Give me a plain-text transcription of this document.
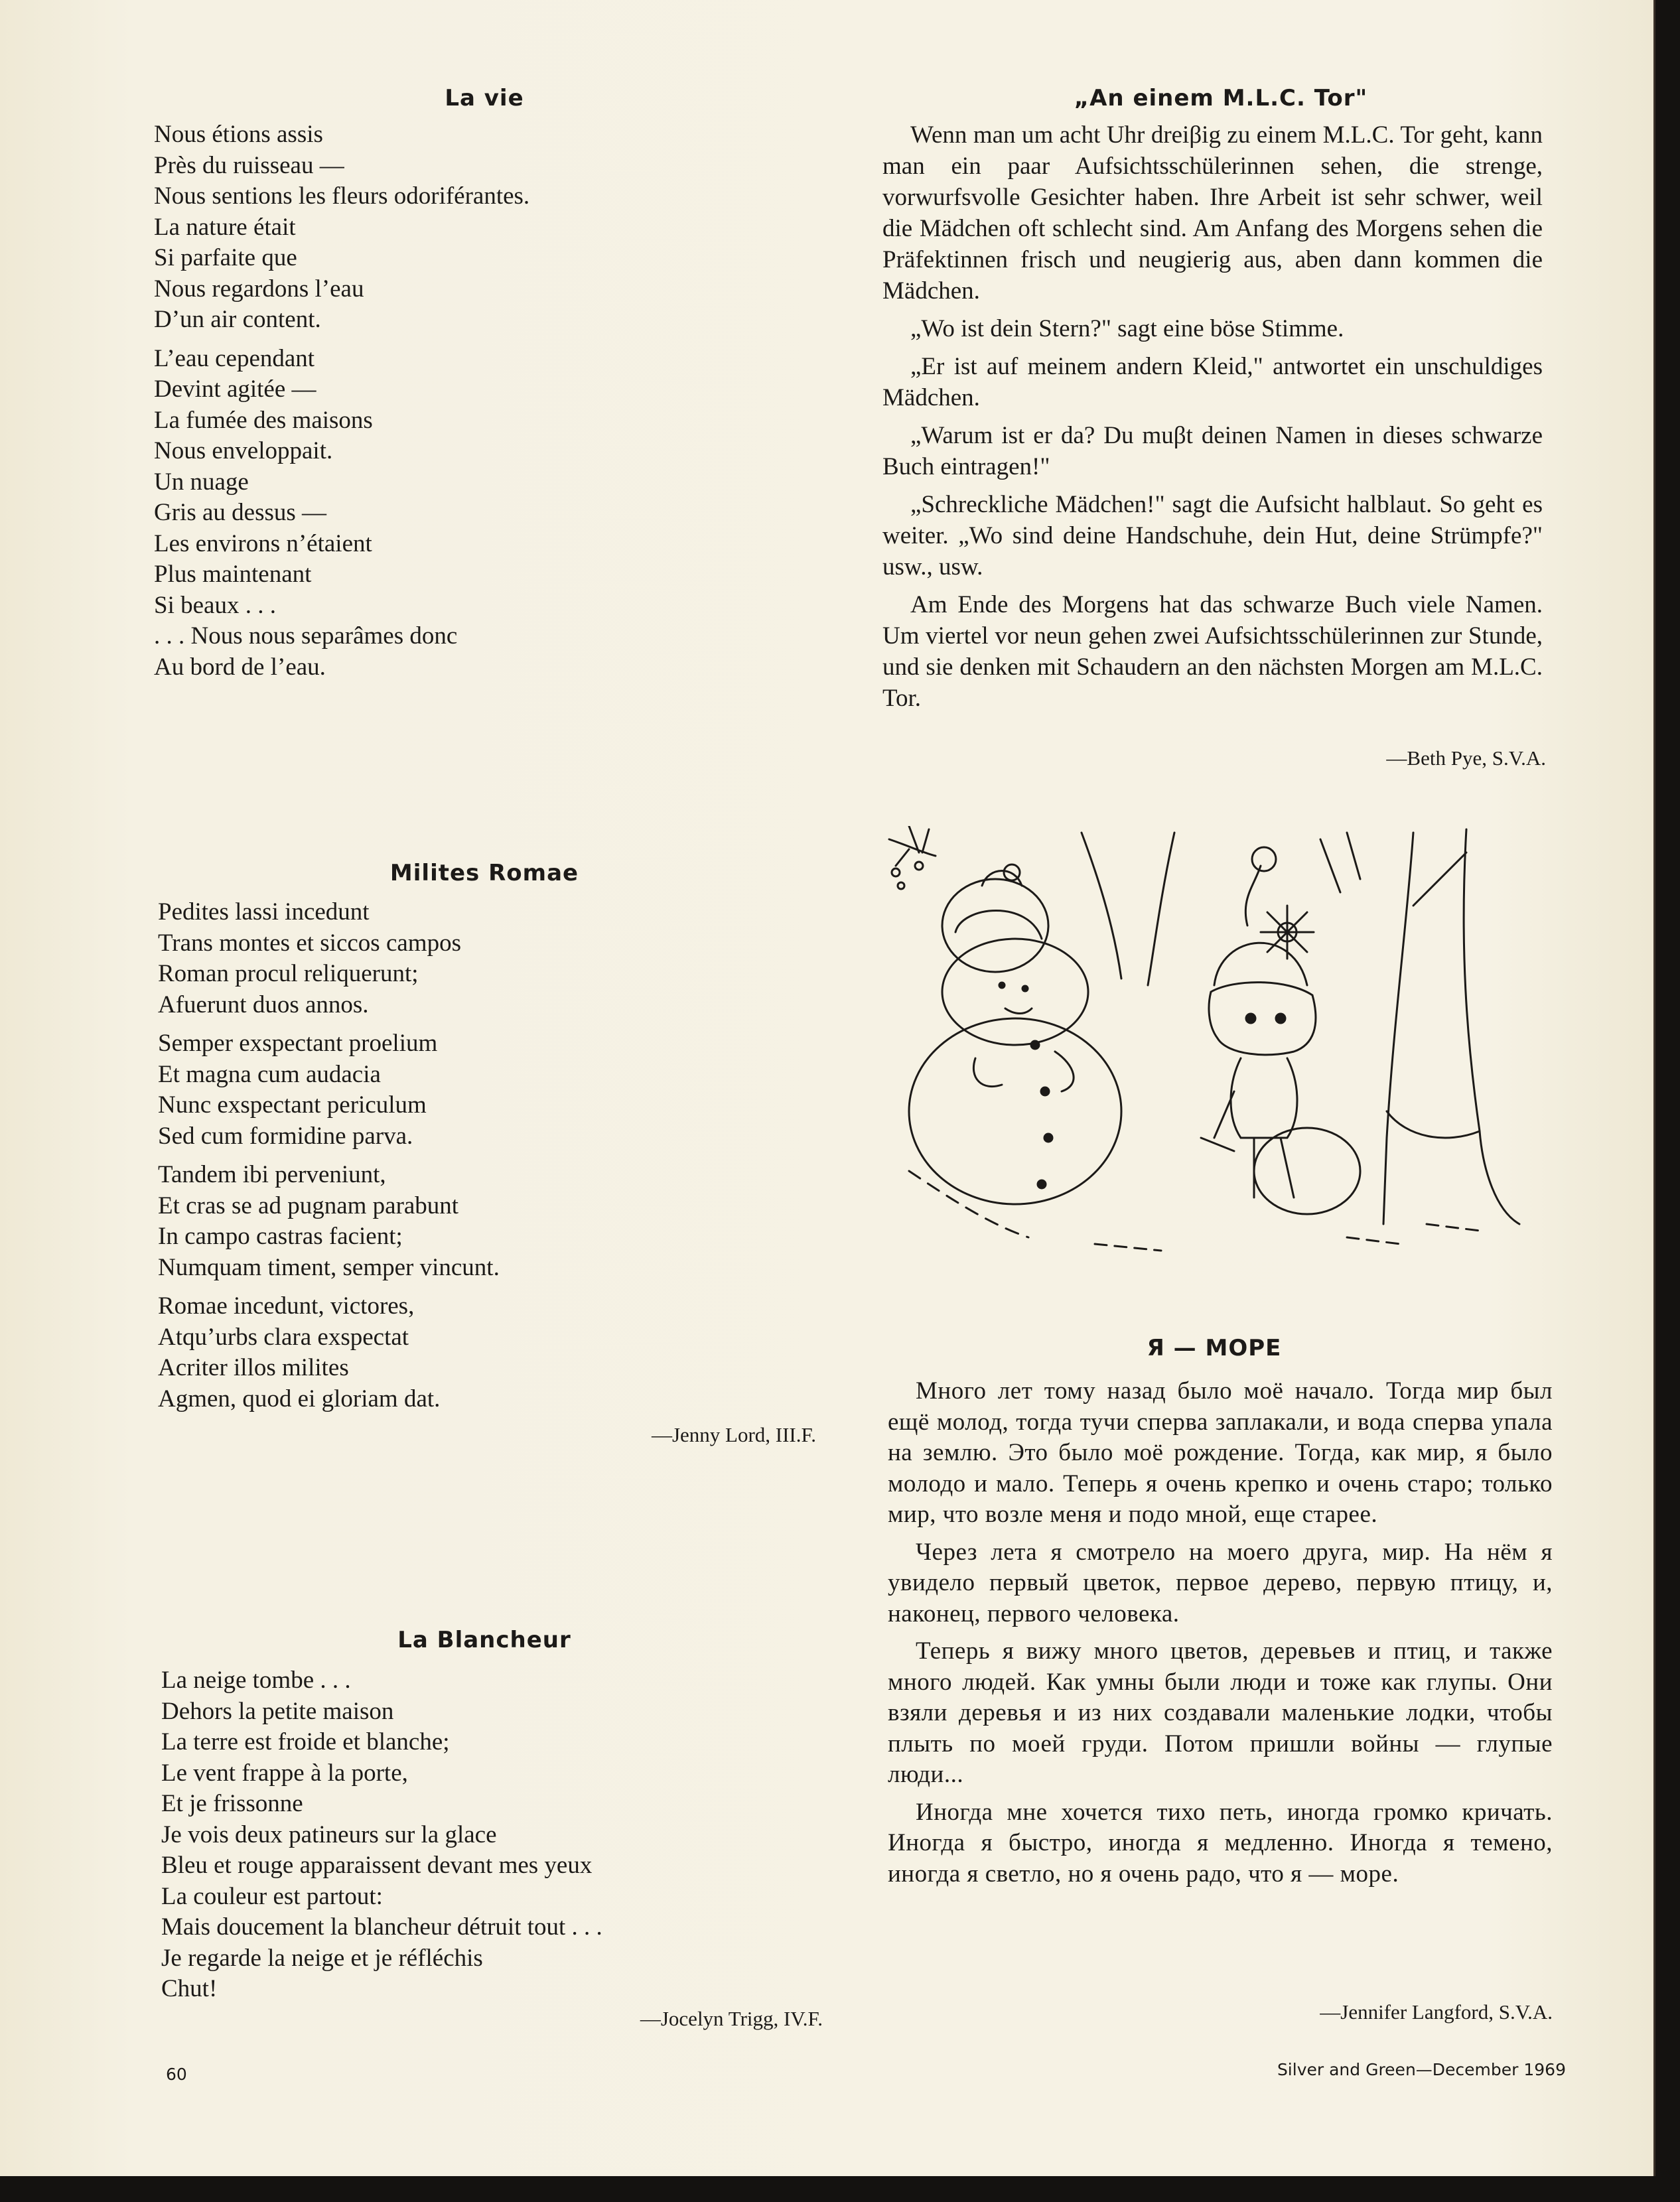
La vie
Nous étions assis
Près du ruisseau —
Nous sentions les fleurs odoriférantes.
La nature était
Si parfaite que
Nous regardons l’eau
D’un air content.
L’eau cependant
Devint agitée —
La fumée des maisons
Nous enveloppait.
Un nuage
Gris au dessus —
Les environs n’étaient
Plus maintenant
Si beaux . . .
. . . Nous nous separâmes donc
Au bord de l’eau.
„An einem M.L.C. Tor"

Wenn man um acht Uhr dreiβig zu einem M.L.C. Tor geht, kann man ein paar Aufsichtsschülerinnen sehen, die strenge, vorwurfsvolle Gesichter haben. Ihre Arbeit ist sehr schwer, weil die Mädchen oft schlecht sind. Am Anfang des Morgens sehen die Präfektinnen frisch und neugierig aus, aben dann kommen die Mädchen.

„Wo ist dein Stern?" sagt eine böse Stimme.

„Er ist auf meinem andern Kleid," antwortet ein unschuldiges Mädchen.

„Warum ist er da? Du muβt deinen Namen in dieses schwarze Buch eintragen!"

„Schreckliche Mädchen!" sagt die Aufsicht halblaut. So geht es weiter. „Wo sind deine Handschuhe, dein Hut, deine Strümpfe?" usw., usw.

Am Ende des Morgens hat das schwarze Buch viele Namen. Um viertel vor neun gehen zwei Aufsichtsschülerinnen zur Stunde, und sie denken mit Schaudern an den nächsten Morgen am M.L.C. Tor.

—Beth Pye, S.V.A.
Milites Romae
Pedites lassi incedunt
Trans montes et siccos campos
Roman procul reliquerunt;
Afuerunt duos annos.
Semper exspectant proelium
Et magna cum audacia
Nunc exspectant periculum
Sed cum formidine parva.
Tandem ibi perveniunt,
Et cras se ad pugnam parabunt
In campo castras facient;
Numquam timent, semper vincunt.
Romae incedunt, victores,
Atqu’urbs clara exspectat
Acriter illos milites
Agmen, quod ei gloriam dat.
—Jenny Lord, III.F.
La Blancheur
La neige tombe . . .
Dehors la petite maison
La terre est froide et blanche;
Le vent frappe à la porte,
Et je frissonne
Je vois deux patineurs sur la glace
Bleu et rouge apparaissent devant mes yeux
La couleur est partout:
Mais doucement la blancheur détruit tout . . .
Je regarde la neige et je réfléchis
Chut!
—Jocelyn Trigg, IV.F.
Я — МОРЕ

Много лет тому назад было моё начало. Тогда мир был ещё молод, тогда тучи сперва заплакали, и вода сперва упала на землю. Это было моё рождение. Тогда, как мир, я было молодо и мало. Теперь я очень крепко и очень старо; только мир, что возле меня и подо мной, еще старее.

Через лета я смотрело на моего друга, мир. На нём я увидело первый цветок, первое дерево, первую птицу, и, наконец, первого человека.

Теперь я вижу много цветов, деревьев и птиц, и также много людей. Как умны были люди и тоже как глупы. Они взяли деревья и из них создавали маленькие лодки, чтобы плыть по моей груди. Потом пришли войны — глупые люди...

Иногда мне хочется тихо петь, иногда громко кричать. Иногда я быстро, иногда я медленно. Иногда я темено, иногда я светло, но я очень радо, что я — море.

—Jennifer Langford, S.V.A.
60	Silver and Green—December 1969
